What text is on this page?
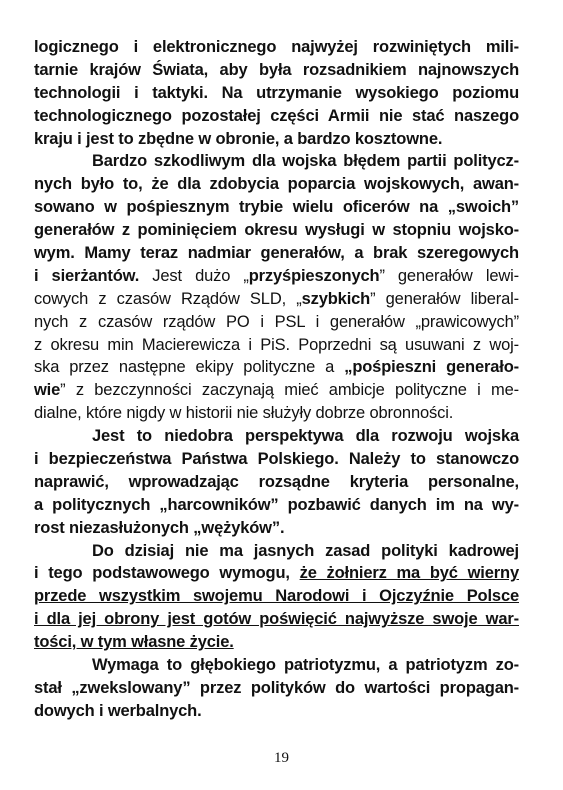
logicznego i elektronicznego najwyżej rozwiniętych mili-
tarnie krajów Świata, aby była rozsadnikiem najnowszych
technologii i taktyki. Na utrzymanie wysokiego poziomu
technologicznego pozostałej części Armii nie stać naszego
kraju i jest to zbędne w obronie, a bardzo kosztowne.
Bardzo szkodliwym dla wojska błędem partii politycz-
nych było to, że dla zdobycia poparcia wojskowych, awan-
sowano w pośpiesznym trybie wielu oficerów na „swoich”
generałów z pominięciem okresu wysługi w stopniu wojsko-
wym. Mamy teraz nadmiar generałów, a brak szeregowych
i sierżantów. Jest dużo „przyśpieszonych” generałów lewi-
cowych z czasów Rządów SLD, „szybkich” generałów liberal-
nych z czasów rządów PO i PSL i generałów „prawicowych”
z okresu min Macierewicza i PiS. Poprzedni są usuwani z woj-
ska przez następne ekipy polityczne a „pośpieszni generało-
wie” z bezczynności zaczynają mieć ambicje polityczne i me-
dialne, które nigdy w historii nie służyły dobrze obronności.
Jest to niedobra perspektywa dla rozwoju wojska
i bezpieczeństwa Państwa Polskiego. Należy to stanowczo
naprawić, wprowadzając rozsądne kryteria personalne,
a politycznych „harcowników” pozbawić danych im na wy-
rost niezasłużonych „wężyków”.
Do dzisiaj nie ma jasnych zasad polityki kadrowej
i tego podstawowego wymogu, że żołnierz ma być wierny
przede wszystkim swojemu Narodowi i Ojczyźnie Polsce
i dla jej obrony jest gotów poświęcić najwyższe swoje war-
tości, w tym własne życie.
Wymaga to głębokiego patriotyzmu, a patriotyzm zo-
stał „zwekslowany” przez polityków do wartości propagan-
dowych i werbalnych.
19
